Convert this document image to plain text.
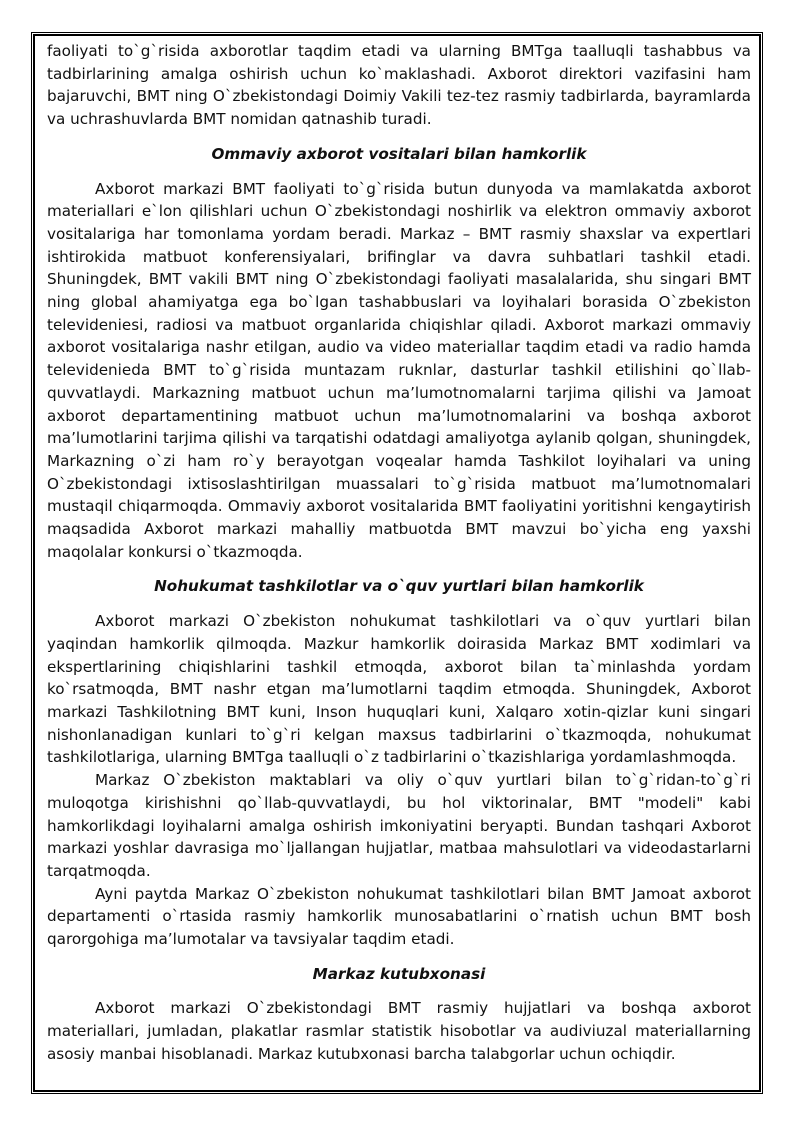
faoliyati to`g`risida axborotlar taqdim etadi va ularning BMTga taalluqli tashabbus va tadbirlarining amalga oshirish uchun ko`maklashadi. Axborot direktori vazifasini ham bajaruvchi, BMT ning O`zbekistondagi Doimiy Vakili tez-tez rasmiy tadbirlarda, bayramlarda va uchrashuvlarda BMT nomidan qatnashib turadi.

Ommaviy axborot vositalari bilan hamkorlik

Axborot markazi BMT faoliyati to`g`risida butun dunyoda va mamlakatda axborot materiallari e`lon qilishlari uchun O`zbekistondagi noshirlik va elektron ommaviy axborot vositalariga har tomonlama yordam beradi. Markaz – BMT rasmiy shaxslar va expertlari ishtirokida matbuot konferensiyalari, brifinglar va davra suhbatlari tashkil etadi. Shuningdek, BMT vakili BMT ning O`zbekistondagi faoliyati masalalarida, shu singari BMT ning global ahamiyatga ega bo`lgan tashabbuslari va loyihalari borasida O`zbekiston televideniesi, radiosi va matbuot organlarida chiqishlar qiladi. Axborot markazi ommaviy axborot vositalariga nashr etilgan, audio va video materiallar taqdim etadi va radio hamda televidenieda BMT to`g`risida muntazam ruknlar, dasturlar tashkil etilishini qo`llab-quvvatlaydi. Markazning matbuot uchun ma’lumotnomalarni tarjima qilishi va Jamoat axborot departamentining matbuot uchun ma’lumotnomalarini va boshqa axborot ma’lumotlarini tarjima qilishi va tarqatishi odatdagi amaliyotga aylanib qolgan, shuningdek, Markazning o`zi ham ro`y berayotgan voqealar hamda Tashkilot loyihalari va uning O`zbekistondagi ixtisoslashtirilgan muassalari to`g`risida matbuot ma’lumotnomalari mustaqil chiqarmoqda. Ommaviy axborot vositalarida BMT faoliyatini yoritishni kengaytirish maqsadida Axborot markazi mahalliy matbuotda BMT mavzui bo`yicha eng yaxshi maqolalar konkursi o`tkazmoqda.

Nohukumat tashkilotlar va o`quv yurtlari bilan hamkorlik

Axborot markazi O`zbekiston nohukumat tashkilotlari va o`quv yurtlari bilan yaqindan hamkorlik qilmoqda. Mazkur hamkorlik doirasida Markaz BMT xodimlari va ekspertlarining chiqishlarini tashkil etmoqda, axborot bilan ta`minlashda yordam ko`rsatmoqda, BMT nashr etgan ma’lumotlarni taqdim etmoqda. Shuningdek, Axborot markazi Tashkilotning BMT kuni, Inson huquqlari kuni, Xalqaro xotin-qizlar kuni singari nishonlanadigan kunlari to`g`ri kelgan maxsus tadbirlarini o`tkazmoqda, nohukumat tashkilotlariga, ularning BMTga taalluqli o`z tadbirlarini o`tkazishlariga yordamlashmoqda.

Markaz O`zbekiston maktablari va oliy o`quv yurtlari bilan to`g`ridan-to`g`ri muloqotga kirishishni qo`llab-quvvatlaydi, bu hol viktorinalar, BMT "modeli" kabi hamkorlikdagi loyihalarni amalga oshirish imkoniyatini beryapti. Bundan tashqari Axborot markazi yoshlar davrasiga mo`ljallangan hujjatlar, matbaa mahsulotlari va videodastarlarni tarqatmoqda.

Ayni paytda Markaz O`zbekiston nohukumat tashkilotlari bilan BMT Jamoat axborot departamenti o`rtasida rasmiy hamkorlik munosabatlarini o`rnatish uchun BMT bosh qarorgohiga ma’lumotalar va tavsiyalar taqdim etadi.

Markaz kutubxonasi

Axborot markazi O`zbekistondagi BMT rasmiy hujjatlari va boshqa axborot materiallari, jumladan, plakatlar rasmlar statistik hisobotlar va audiviuzal materiallarning asosiy manbai hisoblanadi. Markaz kutubxonasi barcha talabgorlar uchun ochiqdir.
